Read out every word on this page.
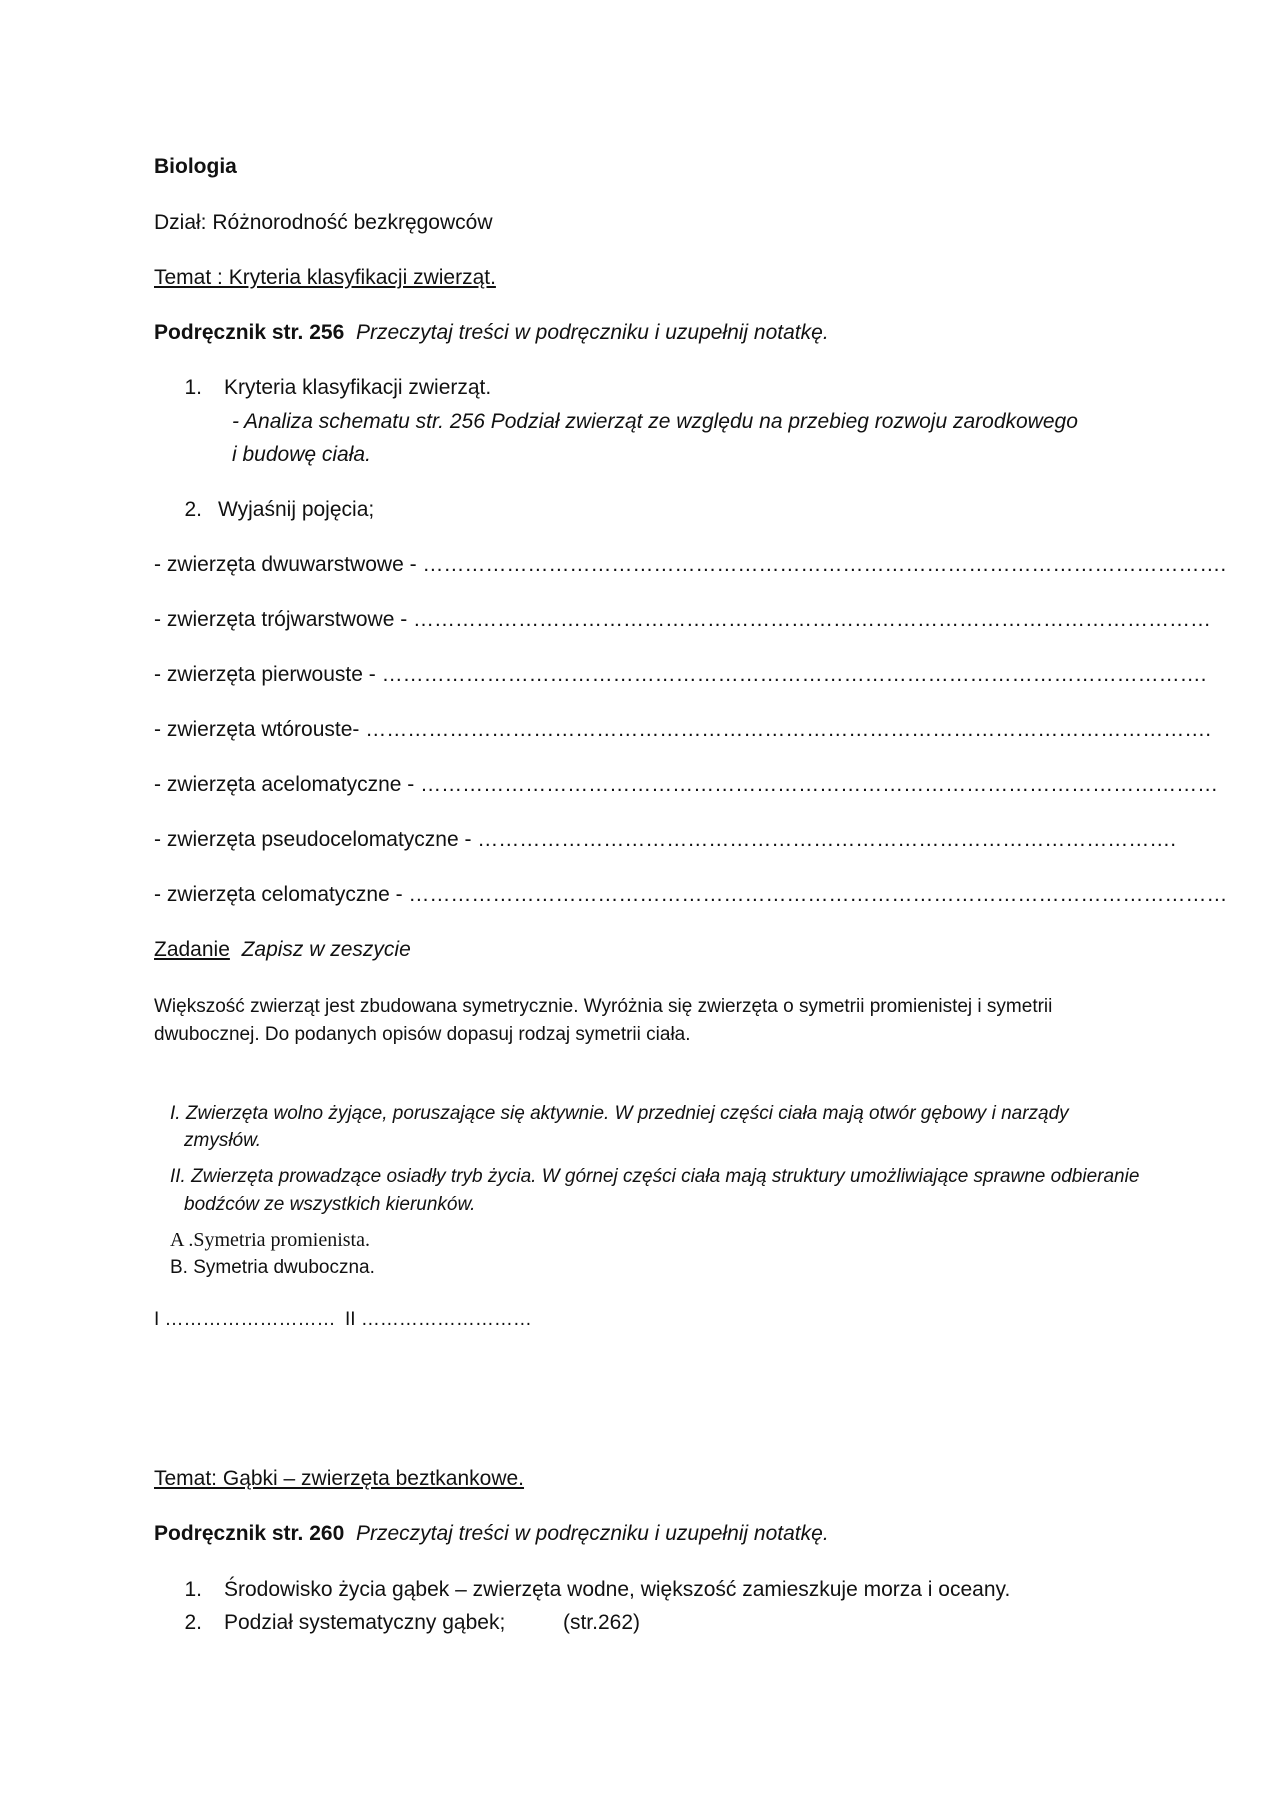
Biologia
Dział: Różnorodność bezkręgowców
Temat : Kryteria klasyfikacji zwierząt.
Podręcznik str. 256 Przeczytaj treści w podręczniku i uzupełnij notatkę.
1. Kryteria klasyfikacji zwierząt.
- Analiza schematu str. 256 Podział zwierząt ze względu na przebieg rozwoju zarodkowego
i budowę ciała.
2. Wyjaśnij pojęcia;
- zwierzęta dwuwarstwowe - …………………………………………………………………………………………………….
- zwierzęta trójwarstwowe - ……………………………………………………………………………………………………
- zwierzęta pierwouste - ……………………………………………………………………………………………………….
- zwierzęta wtórouste- ………………………………………………………………………………………………………….
- zwierzęta acelomatyczne - ……………………………………………………………………………………………………
- zwierzęta pseudocelomatyczne - ……………………………………………………………………………………….
- zwierzęta celomatyczne - ………………………………………………………………………………………………………
Zadanie Zapisz w zeszycie
Większość zwierząt jest zbudowana symetrycznie. Wyróżnia się zwierzęta o symetrii promienistej i symetrii
dwubocznej. Do podanych opisów dopasuj rodzaj symetrii ciała.
I. Zwierzęta wolno żyjące, poruszające się aktywnie. W przedniej części ciała mają otwór gębowy i narządy
zmysłów.
II. Zwierzęta prowadzące osiadły tryb życia. W górnej części ciała mają struktury umożliwiające sprawne odbieranie
bodźców ze wszystkich kierunków.
A .Symetria promienista.
B. Symetria dwuboczna.
I ……………………… II ………………………
Temat: Gąbki – zwierzęta beztkankowe.
Podręcznik str. 260 Przeczytaj treści w podręczniku i uzupełnij notatkę.
1. Środowisko życia gąbek – zwierzęta wodne, większość zamieszkuje morza i oceany.
2. Podział systematyczny gąbek;	(str.262)
